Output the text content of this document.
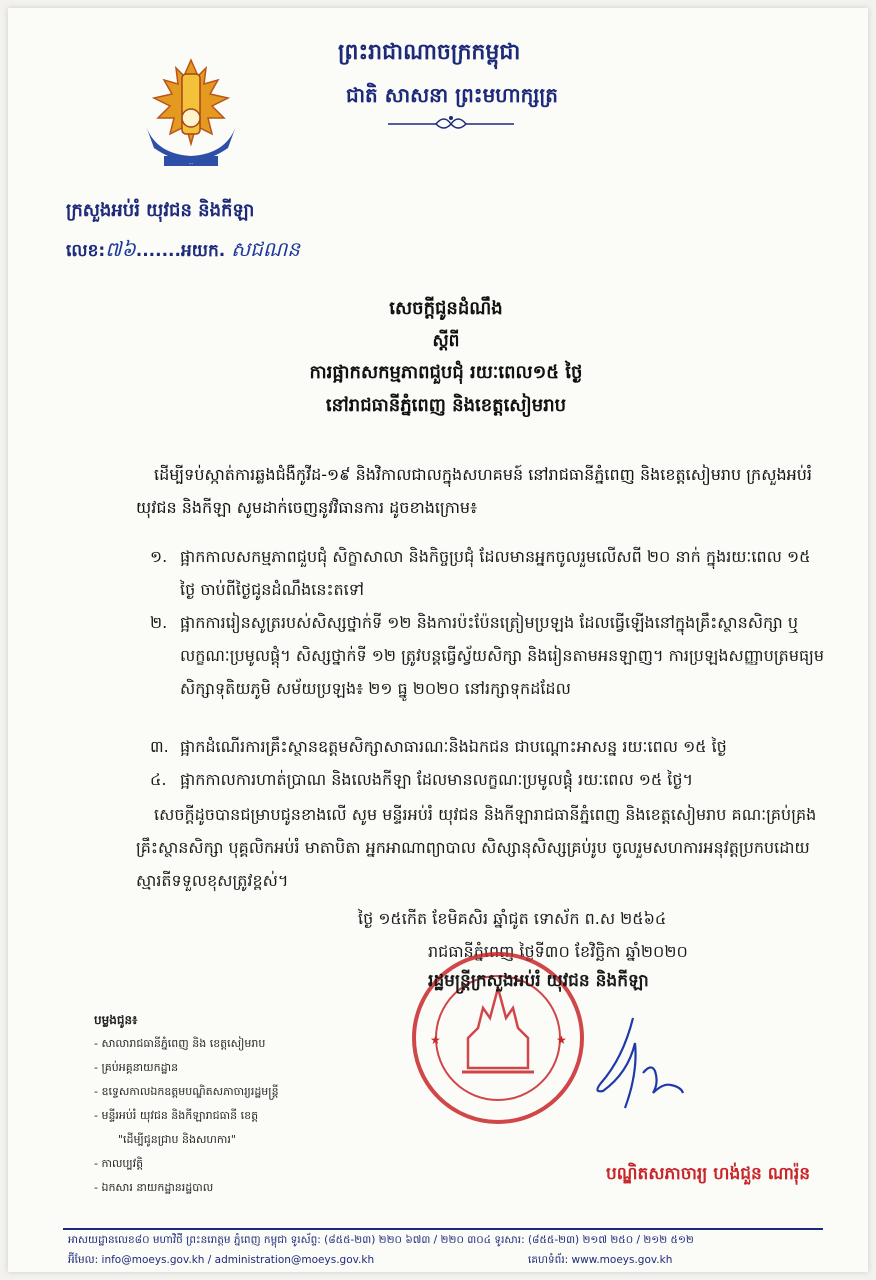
…
ព្រះរាជាណាចក្រកម្ពុជា
ជាតិ សាសនា ព្រះមហាក្សត្រ
ក្រសួងអប់រំ យុវជន និងកីឡា
លេខ:៧៦.......អយក. សជណន
សេចក្តីជូនដំណឹង
ស្តីពី
ការផ្អាកសកម្មភាពជួបជុំ រយៈពេល១៥ ថ្ងៃ
នៅរាជធានីភ្នំពេញ និងខេត្តសៀមរាប
ដើម្បីទប់ស្កាត់ការឆ្លងជំងឺកូវីដ-១៩ និងវិកាលជាលក្នុងសហគមន៍ នៅរាជធានីភ្នំពេញ និងខេត្តសៀមរាប ក្រសួងអប់រំ យុវជន និងកីឡា សូមដាក់ចេញនូវវិធានការ ដូចខាងក្រោម៖
១. ផ្អាកកាលសកម្មភាពជួបជុំ សិក្ខាសាលា និងកិច្ចប្រជុំ ដែលមានអ្នកចូលរួមលើសពី ២០ នាក់ ក្នុងរយៈពេល ១៥ ថ្ងៃ ចាប់ពីថ្ងៃជូនដំណឹងនេះតទៅ
២. ផ្អាកការរៀនសូត្ររបស់សិស្សថ្នាក់ទី ១២ និងការប៉ះប៉ែនត្រៀមប្រឡង ដែលធ្វើឡើងនៅក្នុងគ្រឹះស្ថានសិក្សា ឬលក្ខណៈប្រមូលផ្តុំ។ សិស្សថ្នាក់ទី ១២ ត្រូវបន្តធ្វើស្វ័យសិក្សា និងរៀនតាមអនឡាញ។ ការប្រឡងសញ្ញាបត្រមធ្យមសិក្សាទុតិយភូមិ សម័យប្រឡង៖ ២១ ធ្នូ ២០២០ នៅរក្សាទុកដដែល
៣. ផ្អាកដំណើរការគ្រឹះស្ថានឧត្តមសិក្សាសាធារណៈនិងឯកជន ជាបណ្តោះអាសន្ន រយៈពេល ១៥ ថ្ងៃ
៤. ផ្អាកកាលការហាត់ប្រាណ និងលេងកីឡា ដែលមានលក្ខណៈប្រមូលផ្តុំ រយៈពេល ១៥ ថ្ងៃ។
សេចក្តីដូចបានជម្រាបជូនខាងលើ សូម មន្ទីរអប់រំ យុវជន និងកីឡារាជធានីភ្នំពេញ និងខេត្តសៀមរាប គណៈគ្រប់គ្រងគ្រឹះស្ថានសិក្សា បុគ្គលិកអប់រំ មាតាបិតា អ្នកអាណាព្យាបាល សិស្សានុសិស្សគ្រប់រូប ចូលរួមសហការអនុវត្តប្រកបដោយស្មារតីទទួលខុសត្រូវខ្ពស់។
ថ្ងៃ ១៥កើត ខែមិគសិរ ឆ្នាំជូត ទោស័ក ព.ស ២៥៦៤
រាជធានីភ្នំពេញ ថ្ងៃទី៣០ ខែវិច្ឆិកា ឆ្នាំ២០២០
★	★
រដ្ឋមន្ត្រីក្រសួងអប់រំ យុវជន និងកីឡា
បណ្ឌិតសភាចារ្យ ហង់ជួន ណារ៉ុន
បម្លងជូន៖
- សាលារាជធានីភ្នំពេញ និង ខេត្តសៀមរាប
- គ្រប់អគ្គនាយកដ្ឋាន
- ឧទ្ទេសកាលឯកឧត្តមបណ្ឌិតសភាចារ្យរដ្ឋមន្ត្រី
- មន្ទីរអប់រំ យុវជន និងកីឡារាជធានី ខេត្ត
"ដើម្បីជូនជ្រាប និងសហការ"
- កាលប្បវត្តិ
- ឯកសារ នាយកដ្ឋានរដ្ឋបាល
អាសយដ្ឋានលេខ៨០ មហាវិថី ព្រះនរោត្តម ភ្នំពេញ កម្ពុជា ទូរស័ព្ទ: (៨៥៥-២៣) ២២០ ៦៧៣ / ២២០ ៣០៤ ទូរសារ: (៨៥៥-២៣) ២១៧ ២៥០ / ២១២ ៥១២
អ៊ីមែល: info@moeys.gov.kh / administration@moeys.gov.kh	គេហទំព័រ: www.moeys.gov.kh
